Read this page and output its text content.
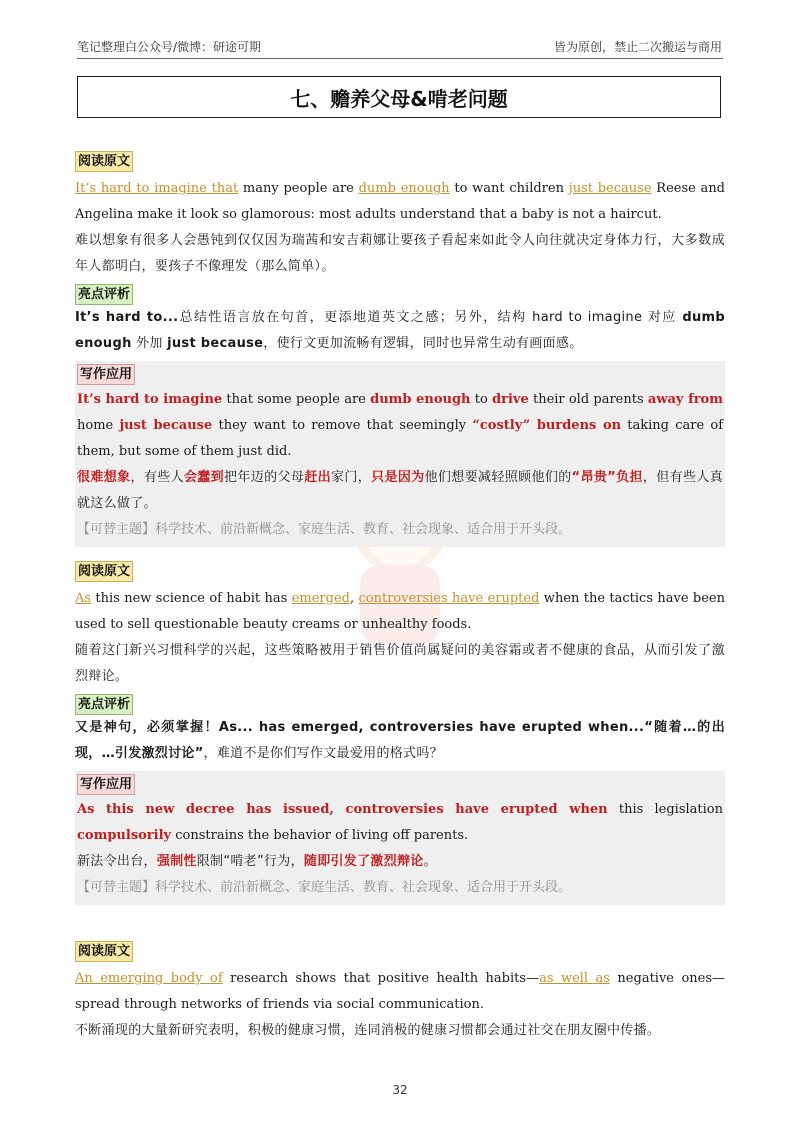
笔记整理白公众号/微博：研途可期	皆为原创，禁止二次搬运与商用
七、赡养父母&啃老问题
阅读原文

It’s hard to imagine that many people are dumb enough to want children just because Reese and Angelina make it look so glamorous: most adults understand that a baby is not a haircut.

难以想象有很多人会愚钝到仅仅因为瑞茜和安吉莉娜让要孩子看起来如此令人向往就决定身体力行，大多数成年人都明白，要孩子不像理发（那么简单）。

亮点评析

It’s hard to...总结性语言放在句首，更添地道英文之感；另外，结构 hard to imagine 对应 dumb enough 外加 just because，使行文更加流畅有逻辑，同时也异常生动有画面感。

写作应用

It’s hard to imagine that some people are dumb enough to drive their old parents away from home just because they want to remove that seemingly “costly” burdens on taking care of them, but some of them just did.

很难想象，有些人会蠢到把年迈的父母赶出家门，只是因为他们想要减轻照顾他们的“昂贵”负担，但有些人真就这么做了。

【可替主题】科学技术、前沿新概念、家庭生活、教育、社会现象、适合用于开头段。

阅读原文

As this new science of habit has emerged, controversies have erupted when the tactics have been used to sell questionable beauty creams or unhealthy foods.

随着这门新兴习惯科学的兴起，这些策略被用于销售价值尚属疑问的美容霜或者不健康的食品，从而引发了激烈辩论。

亮点评析

又是神句，必须掌握！As... has emerged, controversies have erupted when...“随着…的出现，…引发激烈讨论”，难道不是你们写作文最爱用的格式吗？

写作应用

As this new decree has issued, controversies have erupted when this legislation compulsorily constrains the behavior of living off parents.

新法令出台，强制性限制“啃老”行为，随即引发了激烈辩论。

【可替主题】科学技术、前沿新概念、家庭生活、教育、社会现象、适合用于开头段。

阅读原文

An emerging body of research shows that positive health habits—as well as negative ones—spread through networks of friends via social communication.

不断涌现的大量新研究表明，积极的健康习惯，连同消极的健康习惯都会通过社交在朋友圈中传播。

32
